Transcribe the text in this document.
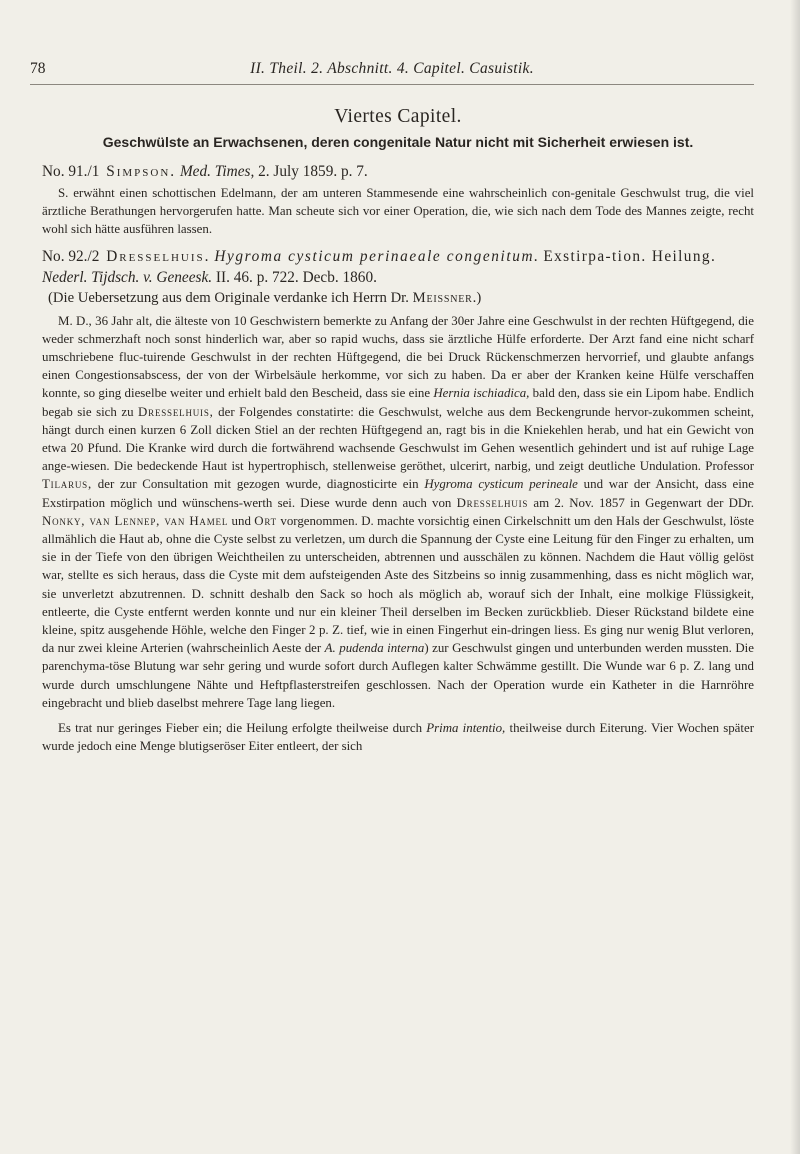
78	II. Theil. 2. Abschnitt. 4. Capitel. Casuistik.
Viertes Capitel.
Geschwülste an Erwachsenen, deren congenitale Natur nicht mit Sicherheit erwiesen ist.
No. 91./1 Simpson. Med. Times, 2. July 1859. p. 7.

S. erwähnt einen schottischen Edelmann, der am unteren Stammesende eine wahrscheinlich con-genitale Geschwulst trug, die viel ärztliche Berathungen hervorgerufen hatte. Man scheute sich vor einer Operation, die, wie sich nach dem Tode des Mannes zeigte, recht wohl sich hätte ausführen lassen.

No. 92./2 Dresselhuis. Hygroma cysticum perinaeale congenitum. Exstirpa-tion. Heilung. Nederl. Tijdsch. v. Geneesk. II. 46. p. 722. Decb. 1860.
(Die Uebersetzung aus dem Originale verdanke ich Herrn Dr. Meissner.)

M. D., 36 Jahr alt, die älteste von 10 Geschwistern bemerkte zu Anfang der 30er Jahre eine Geschwulst in der rechten Hüftgegend, die weder schmerzhaft noch sonst hinderlich war, aber so rapid wuchs, dass sie ärztliche Hülfe erforderte. Der Arzt fand eine nicht scharf umschriebene fluc-tuirende Geschwulst in der rechten Hüftgegend, die bei Druck Rückenschmerzen hervorrief, und glaubte anfangs einen Congestionsabscess, der von der Wirbelsäule herkomme, vor sich zu haben. Da er aber der Kranken keine Hülfe verschaffen konnte, so ging dieselbe weiter und erhielt bald den Bescheid, dass sie eine Hernia ischiadica, bald den, dass sie ein Lipom habe. Endlich begab sie sich zu Dresselhuis, der Folgendes constatirte: die Geschwulst, welche aus dem Beckengrunde hervor-zukommen scheint, hängt durch einen kurzen 6 Zoll dicken Stiel an der rechten Hüftgegend an, ragt bis in die Kniekehlen herab, und hat ein Gewicht von etwa 20 Pfund. Die Kranke wird durch die fortwährend wachsende Geschwulst im Gehen wesentlich gehindert und ist auf ruhige Lage ange-wiesen. Die bedeckende Haut ist hypertrophisch, stellenweise geröthet, ulcerirt, narbig, und zeigt deutliche Undulation. Professor Tilarus, der zur Consultation mit gezogen wurde, diagnosticirte ein Hygroma cysticum perineale und war der Ansicht, dass eine Exstirpation möglich und wünschens-werth sei. Diese wurde denn auch von Dresselhuis am 2. Nov. 1857 in Gegenwart der DDr. Nonky, van Lennep, van Hamel und Ort vorgenommen. D. machte vorsichtig einen Cirkelschnitt um den Hals der Geschwulst, löste allmählich die Haut ab, ohne die Cyste selbst zu verletzen, um durch die Spannung der Cyste eine Leitung für den Finger zu erhalten, um sie in der Tiefe von den übrigen Weichtheilen zu unterscheiden, abtrennen und ausschälen zu können. Nachdem die Haut völlig gelöst war, stellte es sich heraus, dass die Cyste mit dem aufsteigenden Aste des Sitzbeins so innig zusammenhing, dass es nicht möglich war, sie unverletzt abzutrennen. D. schnitt deshalb den Sack so hoch als möglich ab, worauf sich der Inhalt, eine molkige Flüssigkeit, entleerte, die Cyste entfernt werden konnte und nur ein kleiner Theil derselben im Becken zurückblieb. Dieser Rückstand bildete eine kleine, spitz ausgehende Höhle, welche den Finger 2 p. Z. tief, wie in einen Fingerhut ein-dringen liess. Es ging nur wenig Blut verloren, da nur zwei kleine Arterien (wahrscheinlich Aeste der A. pudenda interna) zur Geschwulst gingen und unterbunden werden mussten. Die parenchyma-töse Blutung war sehr gering und wurde sofort durch Auflegen kalter Schwämme gestillt. Die Wunde war 6 p. Z. lang und wurde durch umschlungene Nähte und Heftpflasterstreifen geschlossen. Nach der Operation wurde ein Katheter in die Harnröhre eingebracht und blieb daselbst mehrere Tage lang liegen.

Es trat nur geringes Fieber ein; die Heilung erfolgte theilweise durch Prima intentio, theilweise durch Eiterung. Vier Wochen später wurde jedoch eine Menge blutigseröser Eiter entleert, der sich
